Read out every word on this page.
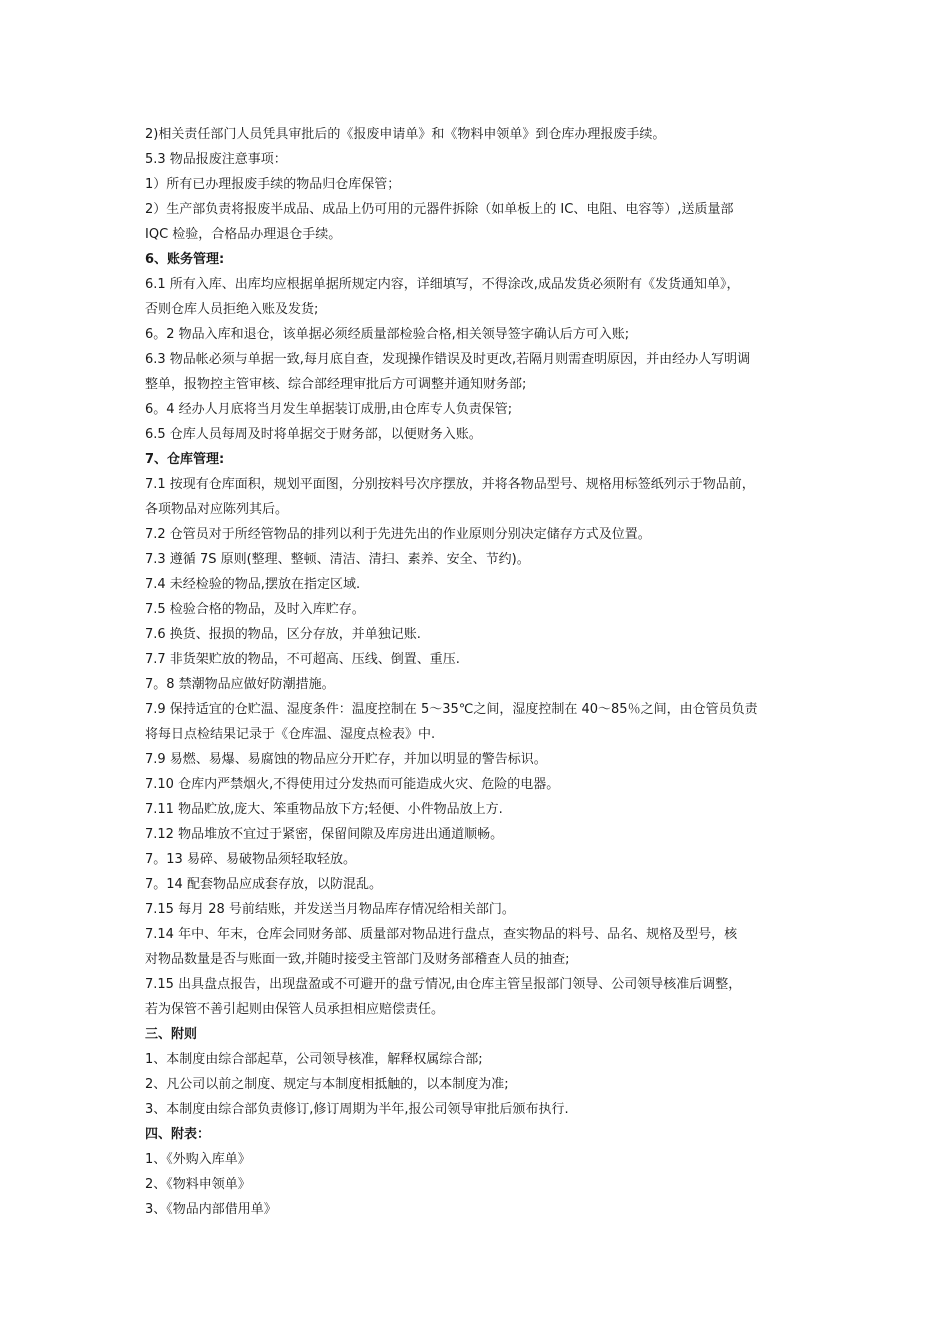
2)相关责任部门人员凭具审批后的《报废申请单》和《物料申领单》到仓库办理报废手续。
5.3 物品报废注意事项：
1）所有已办理报废手续的物品归仓库保管；
2）生产部负责将报废半成品、成品上仍可用的元器件拆除（如单板上的 IC、电阻、电容等）,送质量部
IQC 检验，合格品办理退仓手续。
6、账务管理:
6.1 所有入库、出库均应根据单据所规定内容，详细填写，不得涂改,成品发货必须附有《发货通知单》，
否则仓库人员拒绝入账及发货;
6。2 物品入库和退仓，该单据必须经质量部检验合格,相关领导签字确认后方可入账;
6.3 物品帐必须与单据一致,每月底自查，发现操作错误及时更改,若隔月则需查明原因，并由经办人写明调
整单，报物控主管审核、综合部经理审批后方可调整并通知财务部;
6。4 经办人月底将当月发生单据装订成册,由仓库专人负责保管;
6.5 仓库人员每周及时将单据交于财务部，以便财务入账。
7、仓库管理:
7.1 按现有仓库面积，规划平面图，分别按料号次序摆放，并将各物品型号、规格用标签纸列示于物品前，
各项物品对应陈列其后。
7.2 仓管员对于所经管物品的排列以利于先进先出的作业原则分别决定储存方式及位置。
7.3 遵循 7S 原则(整理、整顿、清洁、清扫、素养、安全、节约)。
7.4 未经检验的物品,摆放在指定区域.
7.5 检验合格的物品，及时入库贮存。
7.6 换货、报损的物品，区分存放，并单独记账.
7.7 非货架贮放的物品，不可超高、压线、倒置、重压.
7。8 禁潮物品应做好防潮措施。
7.9 保持适宜的仓贮温、湿度条件：温度控制在 5～35℃之间，湿度控制在 40～85％之间，由仓管员负责
将每日点检结果记录于《仓库温、湿度点检表》中.
7.9 易燃、易爆、易腐蚀的物品应分开贮存，并加以明显的警告标识。
7.10 仓库内严禁烟火,不得使用过分发热而可能造成火灾、危险的电器。
7.11 物品贮放,庞大、笨重物品放下方;轻便、小件物品放上方.
7.12 物品堆放不宜过于紧密，保留间隙及库房进出通道顺畅。
7。13 易碎、易破物品须轻取轻放。
7。14 配套物品应成套存放，以防混乱。
7.15 每月 28 号前结账，并发送当月物品库存情况给相关部门。
7.14 年中、年末，仓库会同财务部、质量部对物品进行盘点，查实物品的料号、品名、规格及型号，核
对物品数量是否与账面一致,并随时接受主管部门及财务部稽查人员的抽查;
7.15 出具盘点报告，出现盘盈或不可避开的盘亏情况,由仓库主管呈报部门领导、公司领导核准后调整，
若为保管不善引起则由保管人员承担相应赔偿责任。
三、附则
1、本制度由综合部起草，公司领导核准，解释权属综合部;
2、凡公司以前之制度、规定与本制度相抵触的，以本制度为准;
3、本制度由综合部负责修订,修订周期为半年,报公司领导审批后颁布执行.
四、附表：
1、《外购入库单》
2、《物料申领单》
3、《物品内部借用单》
